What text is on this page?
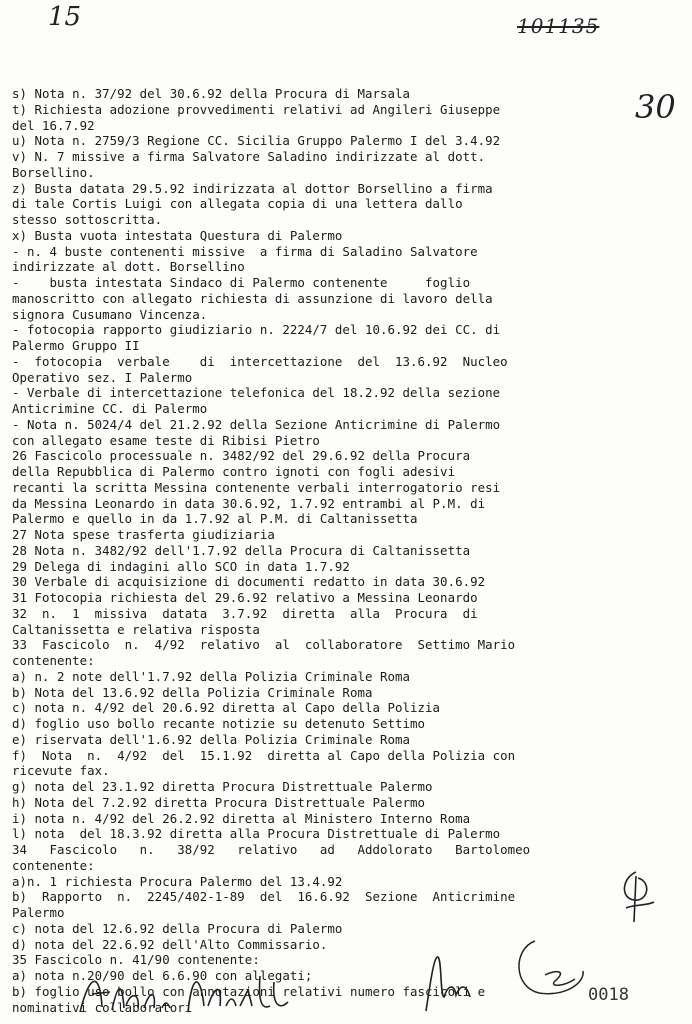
15	101135
30
s) Nota n. 37/92 del 30.6.92 della Procura di Marsala
t) Richiesta adozione provvedimenti relativi ad Angileri Giuseppe
del 16.7.92
u) Nota n. 2759/3 Regione CC. Sicilia Gruppo Palermo I del 3.4.92
v) N. 7 missive a firma Salvatore Saladino indirizzate al dott.
Borsellino.
z) Busta datata 29.5.92 indirizzata al dottor Borsellino a firma
di tale Cortis Luigi con allegata copia di una lettera dallo
stesso sottoscritta.
x) Busta vuota intestata Questura di Palermo
- n. 4 buste contenenti missive  a firma di Saladino Salvatore
indirizzate al dott. Borsellino
-    busta intestata Sindaco di Palermo contenente     foglio
manoscritto con allegato richiesta di assunzione di lavoro della
signora Cusumano Vincenza.
- fotocopia rapporto giudiziario n. 2224/7 del 10.6.92 dei CC. di
Palermo Gruppo II
-  fotocopia  verbale    di  intercettazione  del  13.6.92  Nucleo
Operativo sez. I Palermo
- Verbale di intercettazione telefonica del 18.2.92 della sezione
Anticrimine CC. di Palermo
- Nota n. 5024/4 del 21.2.92 della Sezione Anticrimine di Palermo
con allegato esame teste di Ribisi Pietro
26 Fascicolo processuale n. 3482/92 del 29.6.92 della Procura
della Repubblica di Palermo contro ignoti con fogli adesivi
recanti la scritta Messina contenente verbali interrogatorio resi
da Messina Leonardo in data 30.6.92, 1.7.92 entrambi al P.M. di
Palermo e quello in da 1.7.92 al P.M. di Caltanissetta
27 Nota spese trasferta giudiziaria
28 Nota n. 3482/92 dell'1.7.92 della Procura di Caltanissetta
29 Delega di indagini allo SCO in data 1.7.92
30 Verbale di acquisizione di documenti redatto in data 30.6.92
31 Fotocopia richiesta del 29.6.92 relativo a Messina Leonardo
32  n.  1  missiva  datata  3.7.92  diretta  alla  Procura  di
Caltanissetta e relativa risposta
33  Fascicolo  n.  4/92  relativo  al  collaboratore  Settimo Mario
contenente:
a) n. 2 note dell'1.7.92 della Polizia Criminale Roma
b) Nota del 13.6.92 della Polizia Criminale Roma
c) nota n. 4/92 del 20.6.92 diretta al Capo della Polizia
d) foglio uso bollo recante notizie su detenuto Settimo
e) riservata dell'1.6.92 della Polizia Criminale Roma
f)  Nota  n.  4/92  del  15.1.92  diretta al Capo della Polizia con
ricevute fax.
g) nota del 23.1.92 diretta Procura Distrettuale Palermo
h) Nota del 7.2.92 diretta Procura Distrettuale Palermo
i) nota n. 4/92 del 26.2.92 diretta al Ministero Interno Roma
l) nota  del 18.3.92 diretta alla Procura Distrettuale di Palermo
34   Fascicolo   n.   38/92   relativo   ad   Addolorato   Bartolomeo
contenente:
a)n. 1 richiesta Procura Palermo del 13.4.92
b)  Rapporto  n.  2245/402-1-89  del  16.6.92  Sezione  Anticrimine
Palermo
c) nota del 12.6.92 della Procura di Palermo
d) nota del 22.6.92 dell'Alto Commissario.
35 Fascicolo n. 41/90 contenente:
a) nota n.20/90 del 6.6.90 con allegati;
b) foglio uso bollo con annotazioni relativi numero fascicoli e
nominativi collaboratori
0018
